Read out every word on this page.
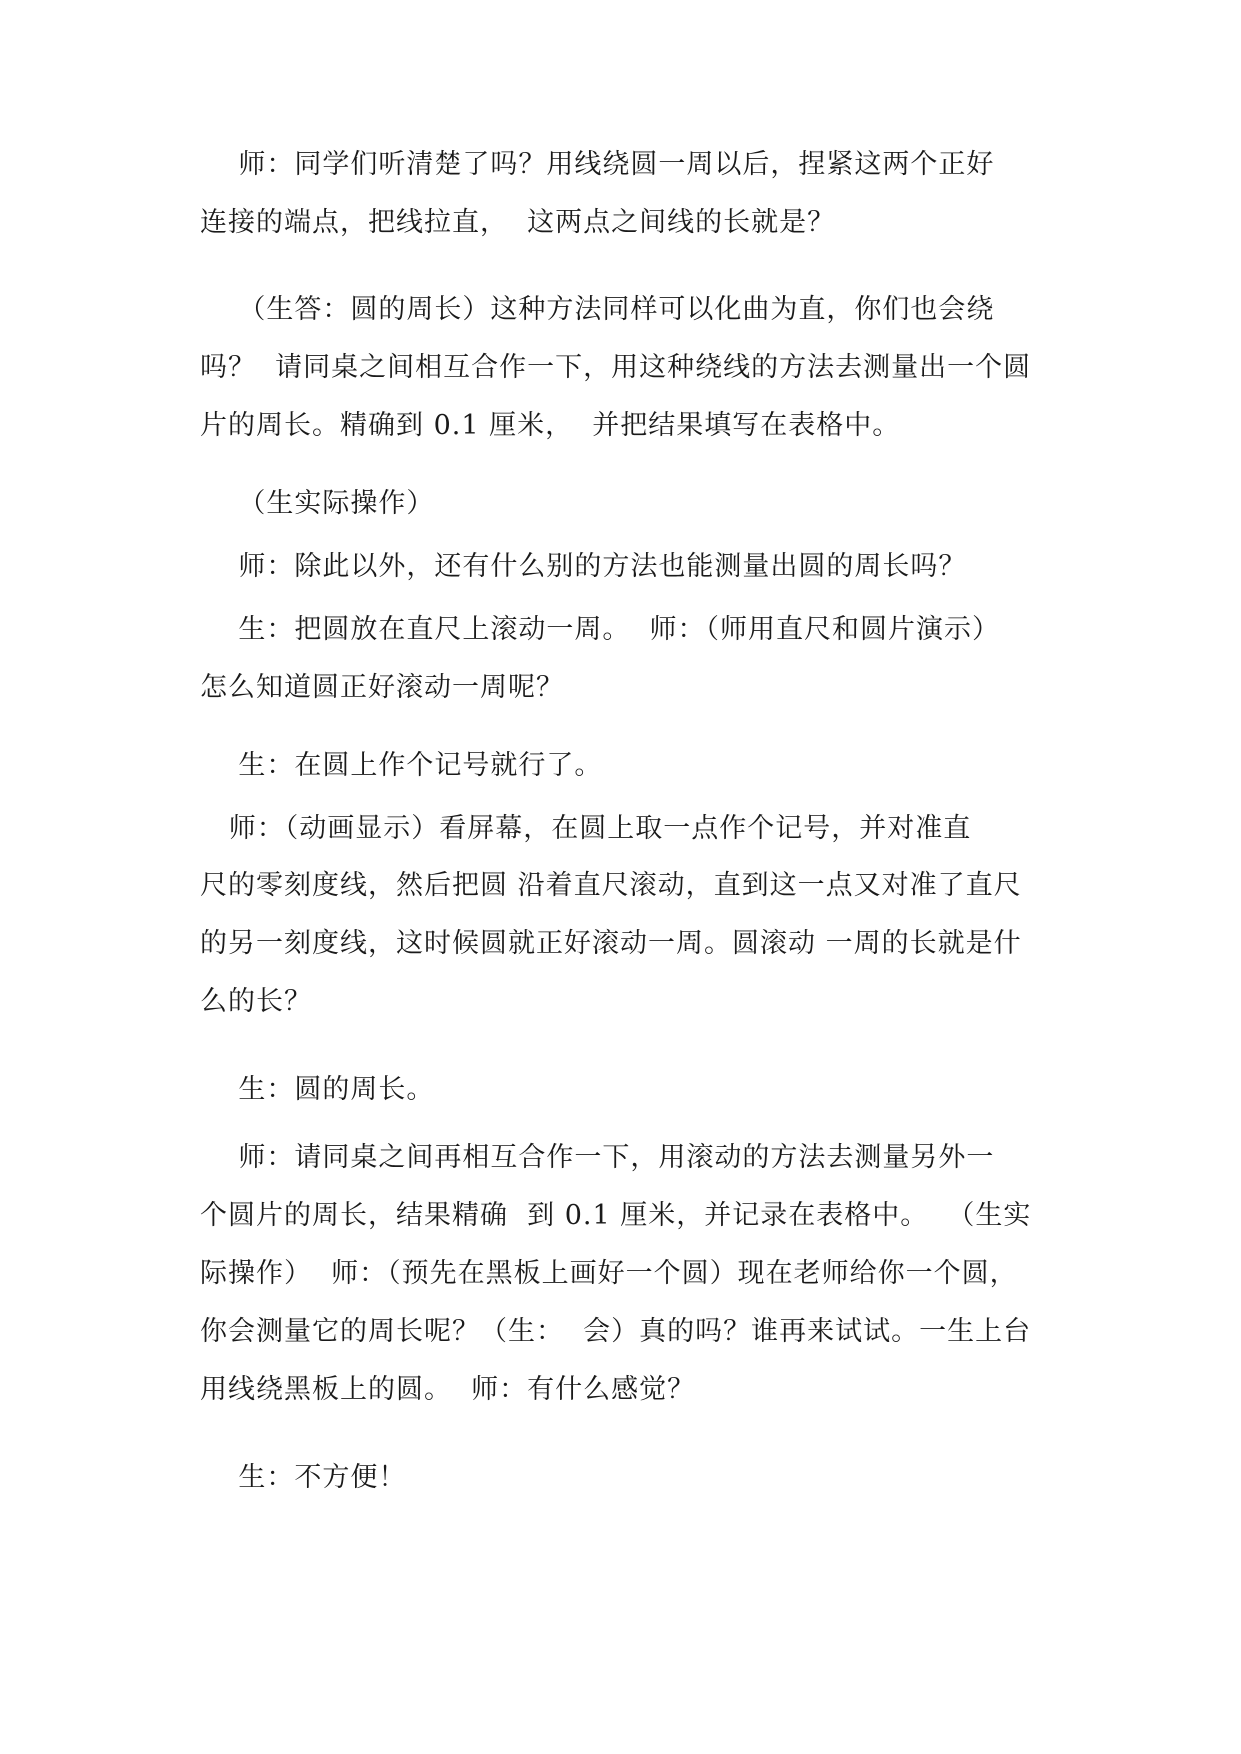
师：同学们听清楚了吗？用线绕圆一周以后，捏紧这两个正好
连接的端点，把线拉直，  这两点之间线的长就是？
（生答：圆的周长）这种方法同样可以化曲为直，你们也会绕
吗？  请同桌之间相互合作一下，用这种绕线的方法去测量出一个圆
片的周长。精确到 0.1 厘米，  并把结果填写在表格中。
（生实际操作）
师：除此以外，还有什么别的方法也能测量出圆的周长吗？
生：把圆放在直尺上滚动一周。  师：（师用直尺和圆片演示）
怎么知道圆正好滚动一周呢？
生：在圆上作个记号就行了。
师：（动画显示）看屏幕，在圆上取一点作个记号，并对准直
尺的零刻度线，然后把圆 沿着直尺滚动，直到这一点又对准了直尺
的另一刻度线，这时候圆就正好滚动一周。圆滚动 一周的长就是什
么的长？
生：圆的周长。
师：请同桌之间再相互合作一下，用滚动的方法去测量另外一
个圆片的周长，结果精确  到 0.1 厘米，并记录在表格中。  （生实
际操作）  师：（预先在黑板上画好一个圆）现在老师给你一个圆，
你会测量它的周长呢？（生：  会）真的吗？谁再来试试。一生上台
用线绕黑板上的圆。  师：有什么感觉？
生：不方便！
